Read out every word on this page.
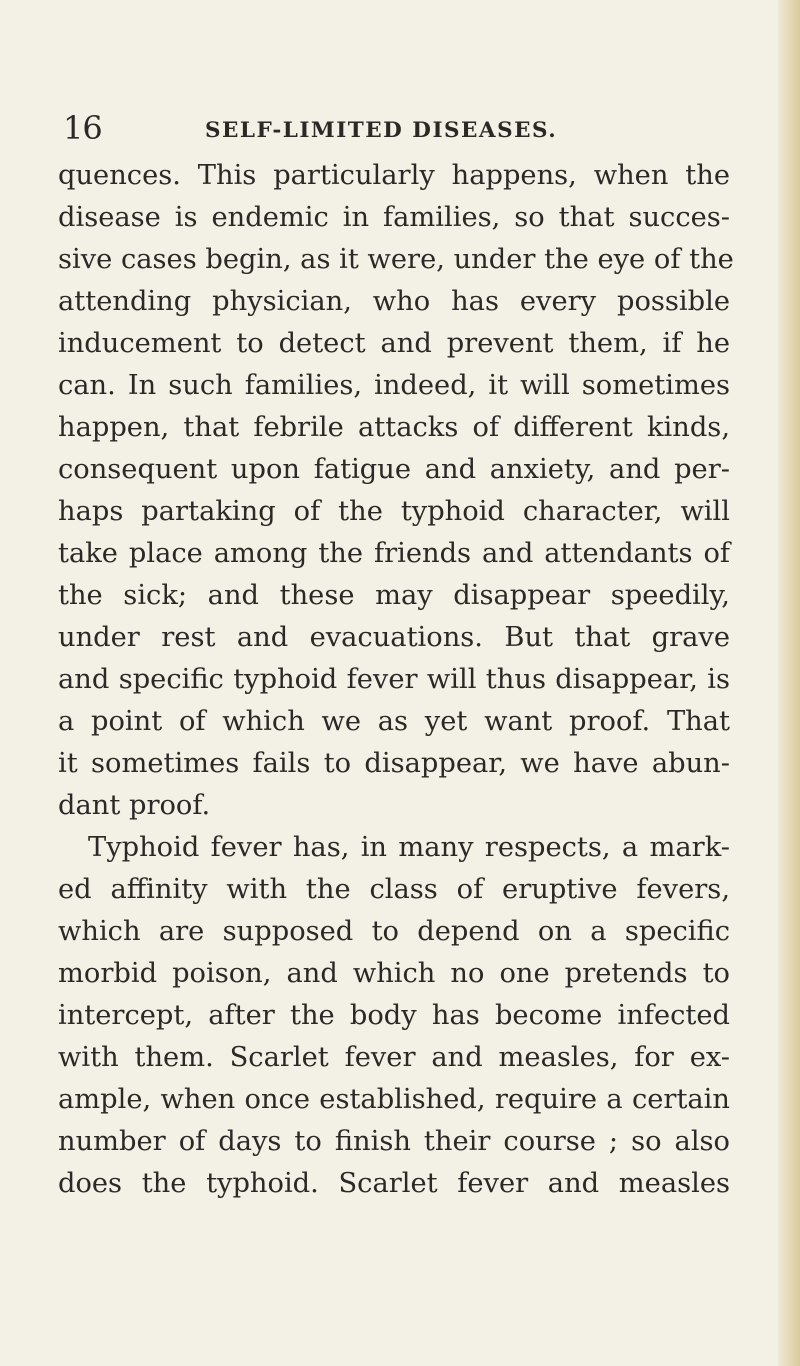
16	SELF-LIMITED DISEASES.
quences. This particularly happens, when the
disease is endemic in families, so that succes-
sive cases begin, as it were, under the eye of the
attending physician, who has every possible
inducement to detect and prevent them, if he
can. In such families, indeed, it will sometimes
happen, that febrile attacks of different kinds,
consequent upon fatigue and anxiety, and per-
haps partaking of the typhoid character, will
take place among the friends and attendants of
the sick; and these may disappear speedily,
under rest and evacuations. But that grave
and specific typhoid fever will thus disappear, is
a point of which we as yet want proof. That
it sometimes fails to disappear, we have abun-
dant proof.
Typhoid fever has, in many respects, a mark-
ed affinity with the class of eruptive fevers,
which are supposed to depend on a specific
morbid poison, and which no one pretends to
intercept, after the body has become infected
with them. Scarlet fever and measles, for ex-
ample, when once established, require a certain
number of days to finish their course ; so also
does the typhoid. Scarlet fever and measles
